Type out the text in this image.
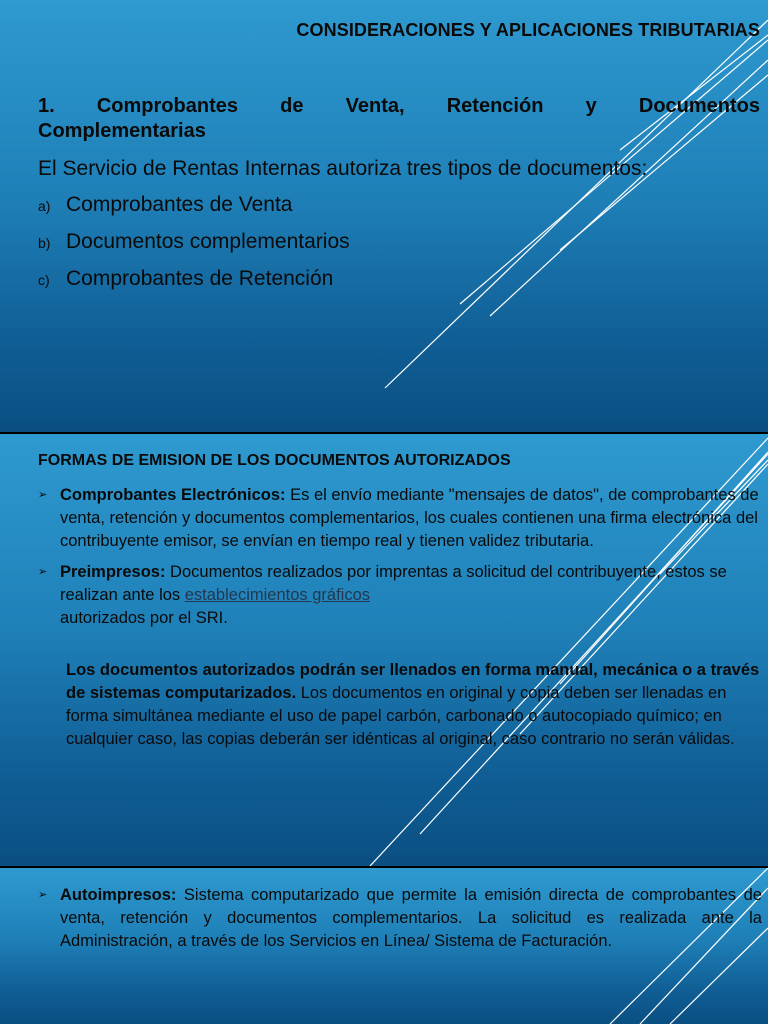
CONSIDERACIONES Y APLICACIONES TRIBUTARIAS
1. Comprobantes de Venta, Retención y Documentos
Complementarias
El Servicio de Rentas Internas autoriza tres tipos de documentos:
a) Comprobantes de Venta
b) Documentos complementarios
c) Comprobantes de Retención
FORMAS DE EMISION DE LOS DOCUMENTOS AUTORIZADOS
➢ Comprobantes Electrónicos: Es el envío mediante "mensajes de datos", de comprobantes de venta, retención y documentos complementarios, los cuales contienen una firma electrónica del contribuyente emisor, se envían en tiempo real y tienen validez tributaria.
➢ Preimpresos: Documentos realizados por imprentas a solicitud del contribuyente, estos se realizan ante los establecimientos gráficos
autorizados por el SRI.
Los documentos autorizados podrán ser llenados en forma manual, mecánica o a través de sistemas computarizados. Los documentos en original y copia deben ser llenadas en forma simultánea mediante el uso de papel carbón, carbonado o autocopiado químico; en cualquier caso, las copias deberán ser idénticas al original, caso contrario no serán válidas.
➢ Autoimpresos: Sistema computarizado que permite la emisión directa de comprobantes de venta, retención y documentos complementarios. La solicitud es realizada ante la Administración, a través de los Servicios en Línea/ Sistema de Facturación.
